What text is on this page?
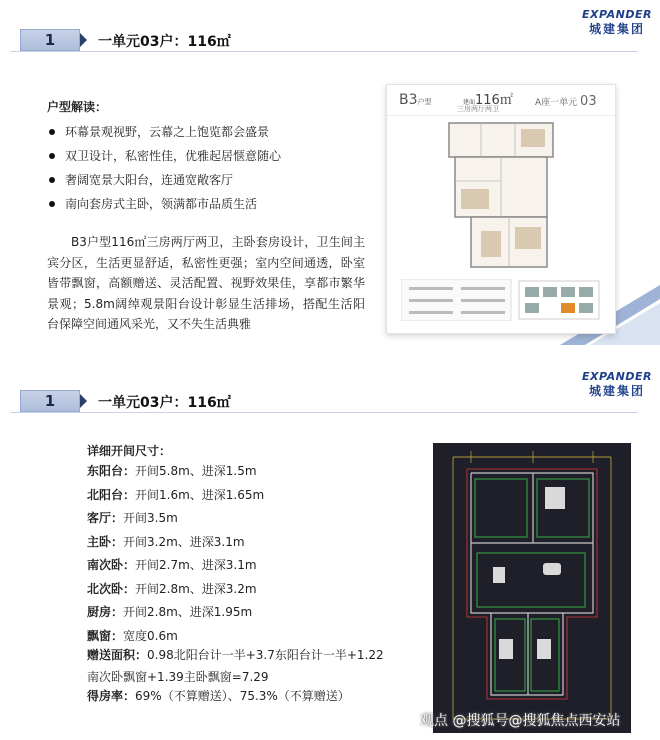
1	一单元03户：116㎡
EXPANDER
城建集团
户型解读：
环幕景观视野，云幕之上饱览都会盛景
双卫设计，私密性佳，优雅起居惬意随心
奢阔宽景大阳台，连通宽敞客厅
南向套房式主卧，领满都市品质生活
B3户型116㎡三房两厅两卫，主卧套房设计，卫生间主宾分区，生活更显舒适，私密性更强；室内空间通透，卧室皆带飘窗，高额赠送、灵活配置、视野效果佳，享都市繁华景观；5.8m阔绰观景阳台设计彰显生活排场，搭配生活阳台保障空间通风采光，又不失生活典雅
B3户型	建面116㎡
三房两厅两卫
A座一单元 03
1	一单元03户：116㎡
EXPANDER
城建集团
详细开间尺寸：
东阳台：开间5.8m、进深1.5m
北阳台：开间1.6m、进深1.65m
客厅：开间3.5m
主卧：开间3.2m、进深3.1m
南次卧：开间2.7m、进深3.1m
北次卧：开间2.8m、进深3.2m
厨房：开间2.8m、进深1.95m
飘窗：宽度0.6m
赠送面积：0.98北阳台计一半+3.7东阳台计一半+1.22南次卧飘窗+1.39主卧飘窗=7.29
得房率：69%（不算赠送）、75.3%（不算赠送）
观点 @搜狐号@搜狐焦点西安站
